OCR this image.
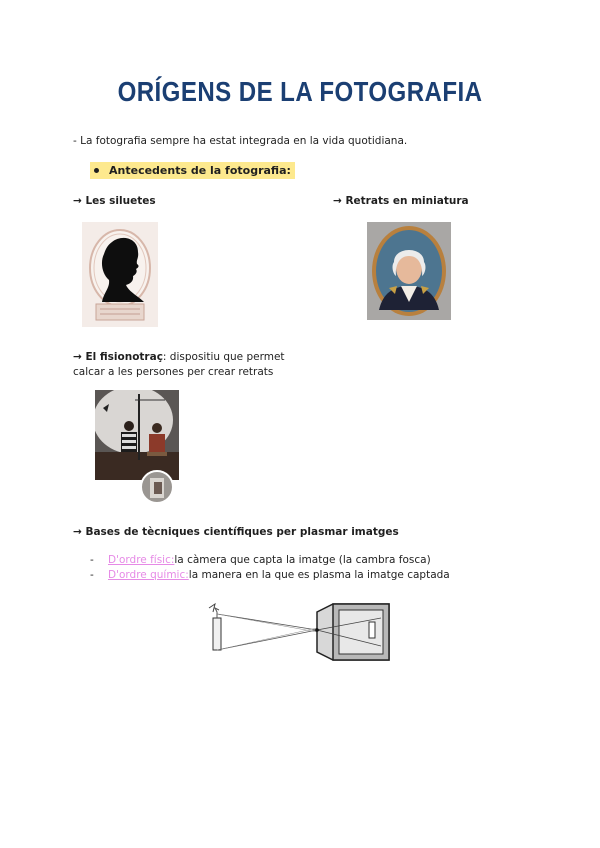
ORÍGENS DE LA FOTOGRAFIA
- La fotografia sempre ha estat integrada en la vida quotidiana.
Antecedents de la fotografia:
→ Les siluetes	→ Retrats en miniatura
→ El fisionotraç: dispositiu que permet
calcar a les persones per crear retrats
→ Bases de tècniques científiques per plasmar imatges
-	D'ordre físic: la càmera que capta la imatge (la cambra fosca)
-	D'ordre químic: la manera en la que es plasma la imatge captada
